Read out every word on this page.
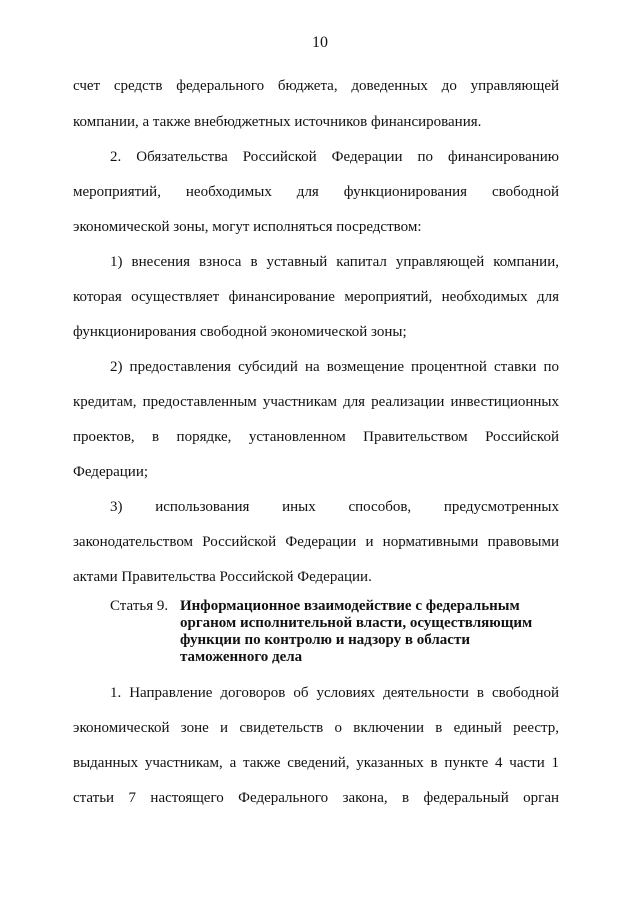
10
счет средств федерального бюджета, доведенных до управляющей
компании, а также внебюджетных источников финансирования.
2. Обязательства Российской Федерации по финансированию
мероприятий, необходимых для функционирования свободной
экономической зоны, могут исполняться посредством:
1) внесения взноса в уставный капитал управляющей компании,
которая осуществляет финансирование мероприятий, необходимых для
функционирования свободной экономической зоны;
2) предоставления субсидий на возмещение процентной ставки по
кредитам, предоставленным участникам для реализации инвестиционных
проектов, в порядке, установленном Правительством Российской
Федерации;
3) использования иных способов, предусмотренных
законодательством Российской Федерации и нормативными правовыми
актами Правительства Российской Федерации.
Статья 9. Информационное взаимодействие с федеральным
органом исполнительной власти, осуществляющим
функции по контролю и надзору в области
таможенного дела
1. Направление договоров об условиях деятельности в свободной
экономической зоне и свидетельств о включении в единый реестр,
выданных участникам, а также сведений, указанных в пункте 4 части 1
статьи 7 настоящего Федерального закона, в федеральный орган
